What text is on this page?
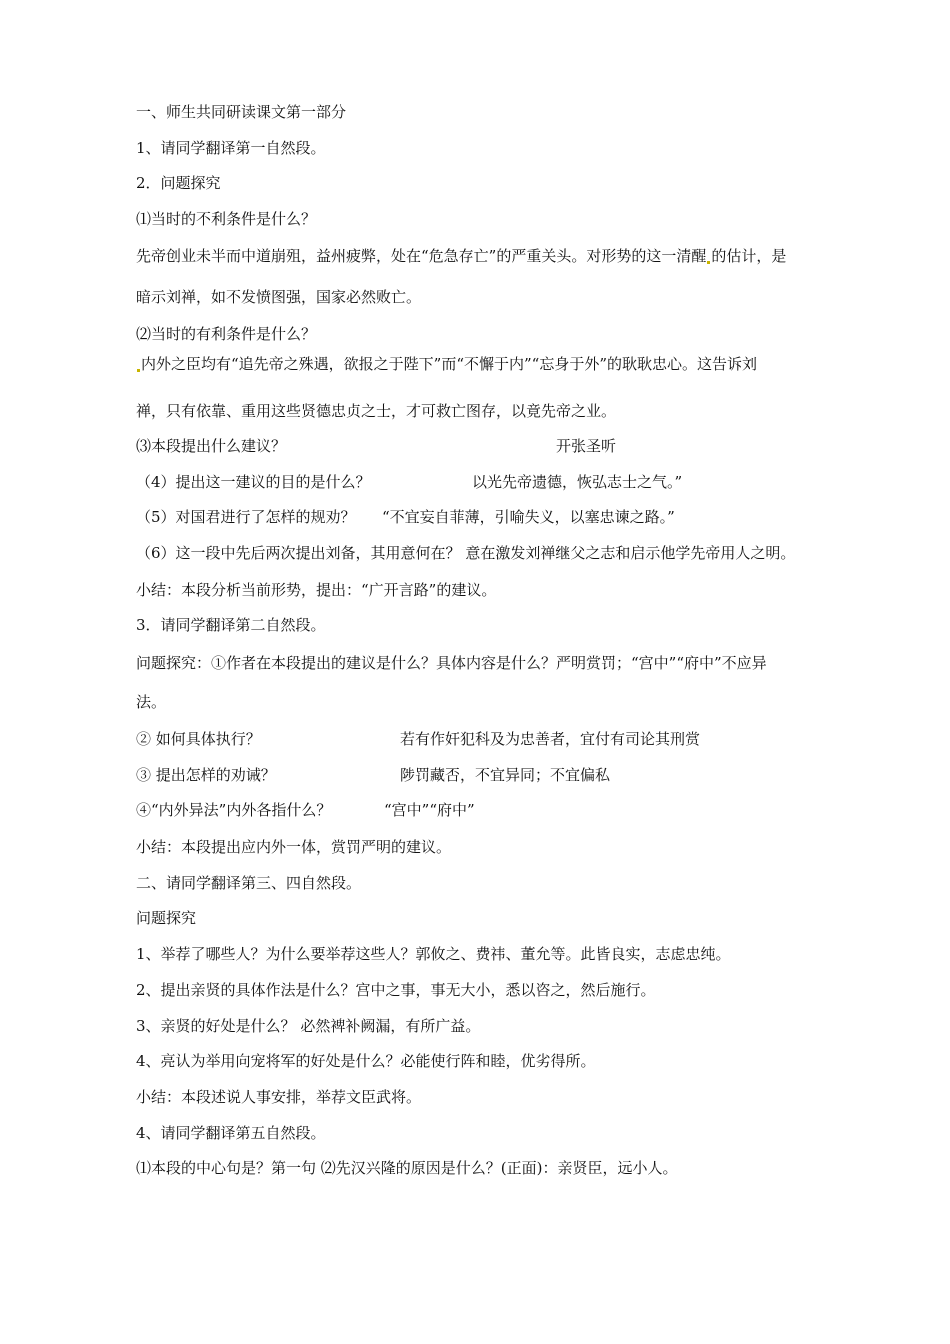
一、师生共同研读课文第一部分
1、请同学翻译第一自然段。
2．问题探究
⑴当时的不利条件是什么？
先帝创业未半而中道崩殂，益州疲弊，处在“危急存亡”的严重关头。对形势的这一清醒 的估计，是
暗示刘禅，如不发愤图强，国家必然败亡。
⑵当时的有利条件是什么？
内外之臣均有“追先帝之殊遇，欲报之于陛下”而“不懈于内”“忘身于外”的耿耿忠心。这告诉刘
禅，只有依靠、重用这些贤德忠贞之士，才可救亡图存，以竟先帝之业。
⑶本段提出什么建议？	开张圣听
（4）提出这一建议的目的是什么？	以光先帝遗德，恢弘志士之气。”
（5）对国君进行了怎样的规劝？ “不宜妄自菲薄，引喻失义，以塞忠谏之路。”
（6）这一段中先后两次提出刘备，其用意何在？ 意在激发刘禅继父之志和启示他学先帝用人之明。
小结：本段分析当前形势，提出：“广开言路”的建议。
3．请同学翻译第二自然段。
问题探究：①作者在本段提出的建议是什么？具体内容是什么？严明赏罚；“宫中”“府中”不应异
法。
② 如何具体执行？	若有作奸犯科及为忠善者，宜付有司论其刑赏
③ 提出怎样的劝诫？	陟罚藏否，不宜异同；不宜偏私
④“内外异法”内外各指什么？	“宫中”“府中”
小结：本段提出应内外一体，赏罚严明的建议。
二、请同学翻译第三、四自然段。
问题探究
1、举荐了哪些人？为什么要举荐这些人？郭攸之、费祎、董允等。此皆良实，志虑忠纯。
2、提出亲贤的具体作法是什么？宫中之事，事无大小，悉以咨之，然后施行。
3、亲贤的好处是什么？ 必然裨补阙漏，有所广益。
4、亮认为举用向宠将军的好处是什么？必能使行阵和睦，优劣得所。
小结：本段述说人事安排，举荐文臣武将。
4、请同学翻译第五自然段。
⑴本段的中心句是？第一句 ⑵先汉兴隆的原因是什么？(正面)：亲贤臣，远小人。
